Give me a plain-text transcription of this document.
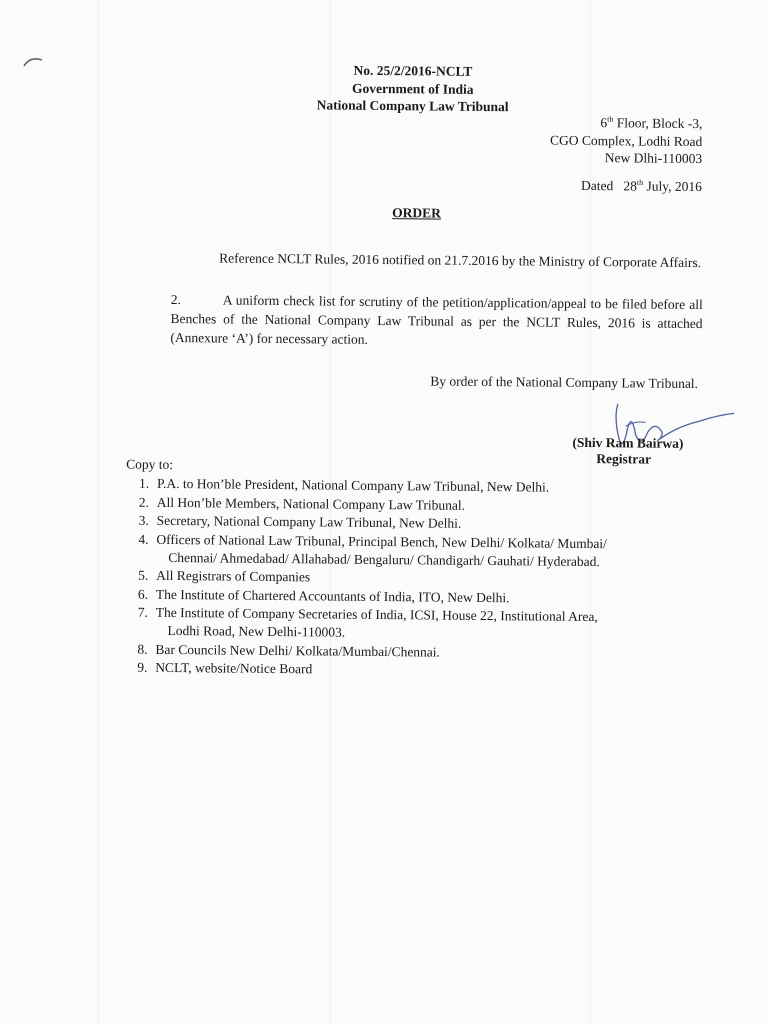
No. 25/2/2016-NCLT
Government of India
National Company Law Tribunal
6th Floor, Block -3,
CGO Complex, Lodhi Road
New Dlhi-110003
Dated 28th July, 2016
ORDER
Reference NCLT Rules, 2016 notified on 21.7.2016 by the Ministry of Corporate Affairs.
2.	A uniform check list for scrutiny of the petition/application/appeal to be filed before all Benches of the National Company Law Tribunal as per the NCLT Rules, 2016 is attached (Annexure ‘A’) for necessary action.
By order of the National Company Law Tribunal.
(Shiv Ram Bairwa)
Registrar
Copy to:
1. P.A. to Hon’ble President, National Company Law Tribunal, New Delhi.
2. All Hon’ble Members, National Company Law Tribunal.
3. Secretary, National Company Law Tribunal, New Delhi.
4. Officers of National Law Tribunal, Principal Bench, New Delhi/ Kolkata/ Mumbai/
Chennai/ Ahmedabad/ Allahabad/ Bengaluru/ Chandigarh/ Gauhati/ Hyderabad.
5. All Registrars of Companies
6. The Institute of Chartered Accountants of India, ITO, New Delhi.
7. The Institute of Company Secretaries of India, ICSI, House 22, Institutional Area,
Lodhi Road, New Delhi-110003.
8. Bar Councils New Delhi/ Kolkata/Mumbai/Chennai.
9. NCLT, website/Notice Board
